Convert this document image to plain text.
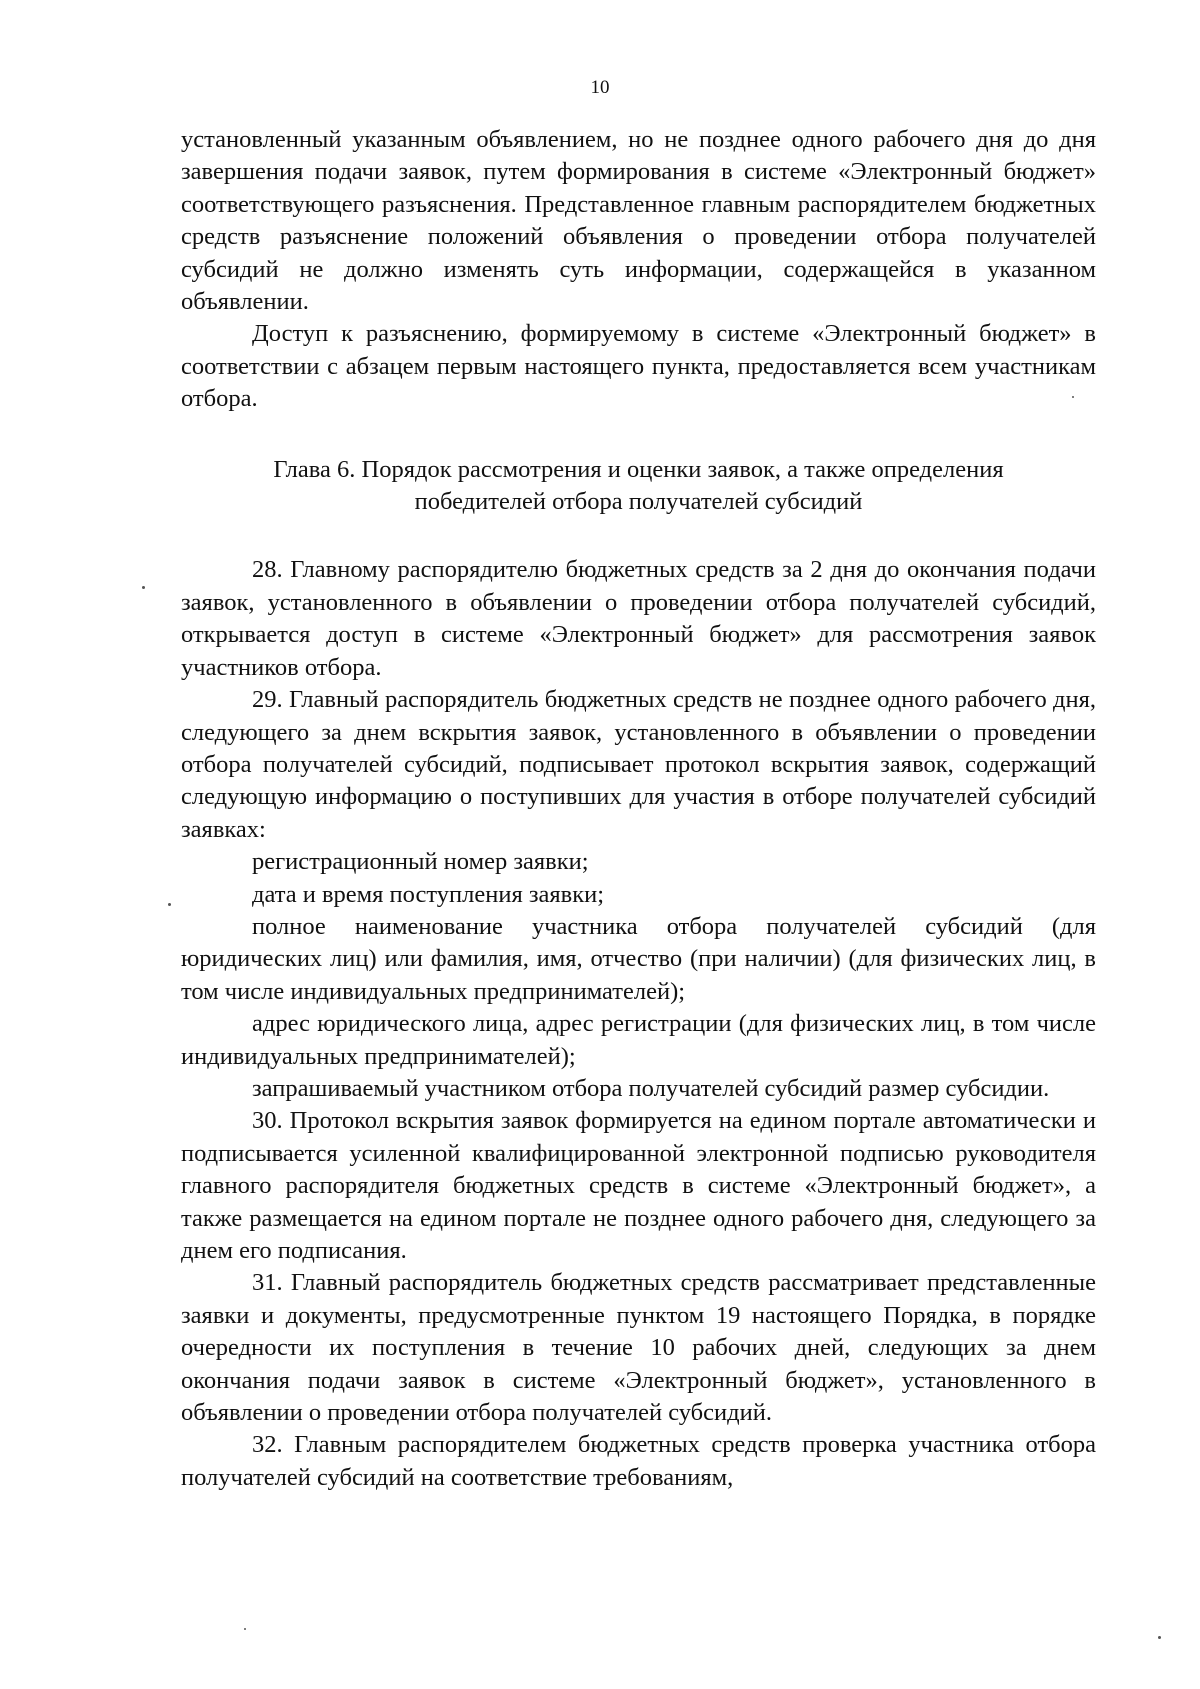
10

установленный указанным объявлением, но не позднее одного рабочего дня до дня завершения подачи заявок, путем формирования в системе «Электронный бюджет» соответствующего разъяснения. Представленное главным распорядителем бюджетных средств разъяснение положений объявления о проведении отбора получателей субсидий не должно изменять суть информации, содержащейся в указанном объявлении.

Доступ к разъяснению, формируемому в системе «Электронный бюджет» в соответствии с абзацем первым настоящего пункта, предоставляется всем участникам отбора.

Глава 6. Порядок рассмотрения и оценки заявок, а также определения
победителей отбора получателей субсидий

28. Главному распорядителю бюджетных средств за 2 дня до окончания подачи заявок, установленного в объявлении о проведении отбора получателей субсидий, открывается доступ в системе «Электронный бюджет» для рассмотрения заявок участников отбора.

29. Главный распорядитель бюджетных средств не позднее одного рабочего дня, следующего за днем вскрытия заявок, установленного в объявлении о проведении отбора получателей субсидий, подписывает протокол вскрытия заявок, содержащий следующую информацию о поступивших для участия в отборе получателей субсидий заявках:

регистрационный номер заявки;

дата и время поступления заявки;

полное наименование участника отбора получателей субсидий (для юридических лиц) или фамилия, имя, отчество (при наличии) (для физических лиц, в том числе индивидуальных предпринимателей);

адрес юридического лица, адрес регистрации (для физических лиц, в том числе индивидуальных предпринимателей);

запрашиваемый участником отбора получателей субсидий размер субсидии.

30. Протокол вскрытия заявок формируется на едином портале автоматически и подписывается усиленной квалифицированной электронной подписью руководителя главного распорядителя бюджетных средств в системе «Электронный бюджет», а также размещается на едином портале не позднее одного рабочего дня, следующего за днем его подписания.

31. Главный распорядитель бюджетных средств рассматривает представленные заявки и документы, предусмотренные пунктом 19 настоящего Порядка, в порядке очередности их поступления в течение 10 рабочих дней, следующих за днем окончания подачи заявок в системе «Электронный бюджет», установленного в объявлении о проведении отбора получателей субсидий.

32. Главным распорядителем бюджетных средств проверка участника отбора получателей субсидий на соответствие требованиям,
